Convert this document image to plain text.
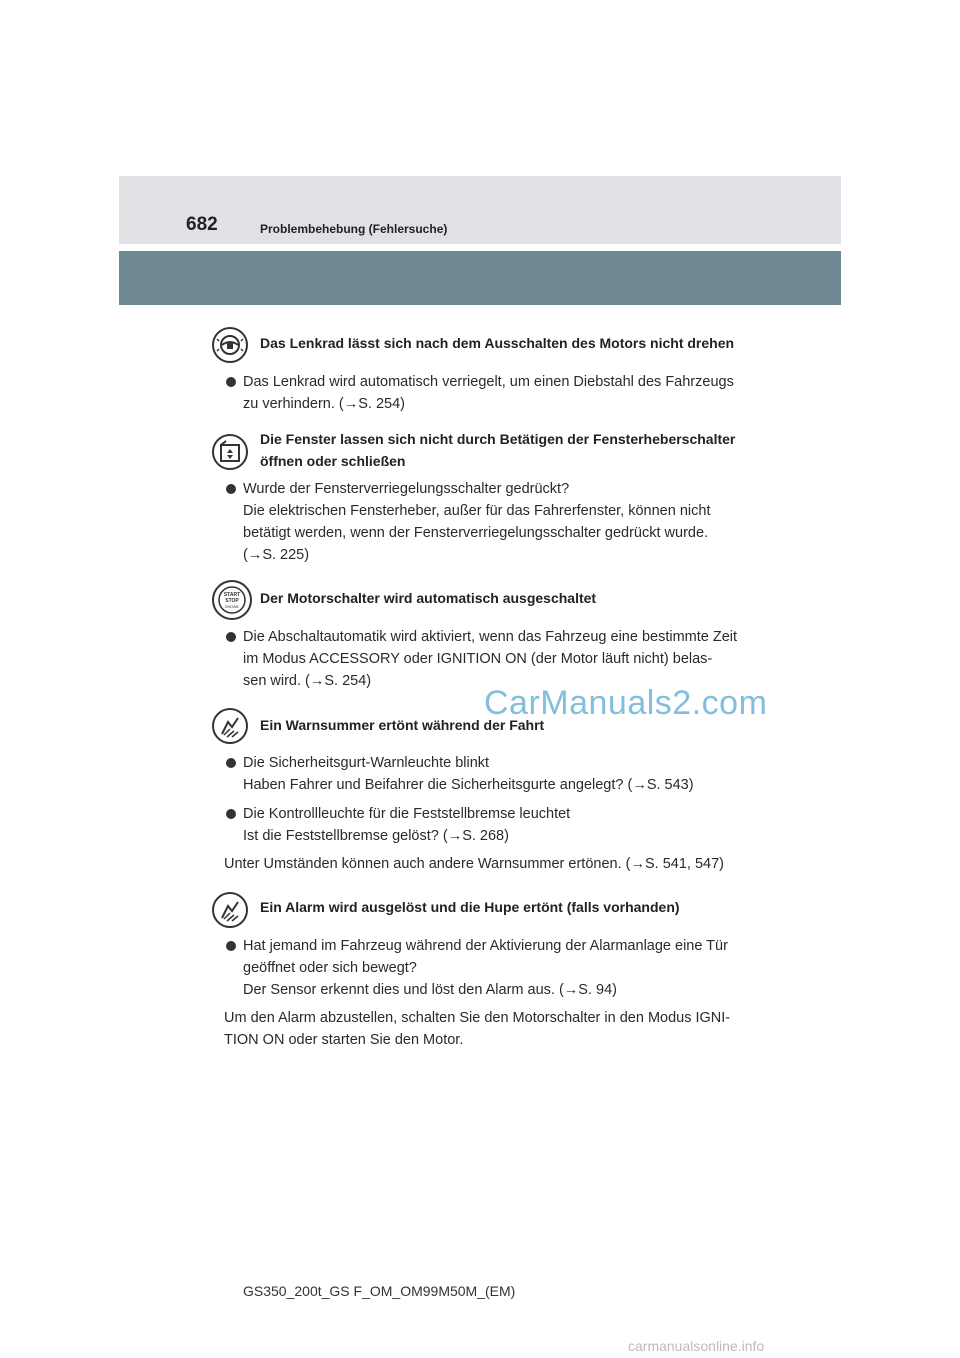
682	Problembehebung (Fehlersuche)
Das Lenkrad lässt sich nach dem Ausschalten des Motors nicht drehen
Das Lenkrad wird automatisch verriegelt, um einen Diebstahl des Fahrzeugs
zu verhindern. (→S. 254)
Die Fenster lassen sich nicht durch Betätigen der Fensterheberschalter
öffnen oder schließen
Wurde der Fensterverriegelungsschalter gedrückt?
Die elektrischen Fensterheber, außer für das Fahrerfenster, können nicht
betätigt werden, wenn der Fensterverriegelungsschalter gedrückt wurde.
(→S. 225)
START
STOP
ENGINE
Der Motorschalter wird automatisch ausgeschaltet
Die Abschaltautomatik wird aktiviert, wenn das Fahrzeug eine bestimmte Zeit
im Modus ACCESSORY oder IGNITION ON (der Motor läuft nicht) belas-
sen wird. (→S. 254)
Ein Warnsummer ertönt während der Fahrt
Die Sicherheitsgurt-Warnleuchte blinkt
Haben Fahrer und Beifahrer die Sicherheitsgurte angelegt? (→S. 543)
Die Kontrollleuchte für die Feststellbremse leuchtet
Ist die Feststellbremse gelöst? (→S. 268)
Unter Umständen können auch andere Warnsummer ertönen. (→S. 541, 547)
Ein Alarm wird ausgelöst und die Hupe ertönt (falls vorhanden)
Hat jemand im Fahrzeug während der Aktivierung der Alarmanlage eine Tür
geöffnet oder sich bewegt?
Der Sensor erkennt dies und löst den Alarm aus. (→S. 94)
Um den Alarm abzustellen, schalten Sie den Motorschalter in den Modus IGNI-
TION ON oder starten Sie den Motor.
CarManuals2.com
GS350_200t_GS F_OM_OM99M50M_(EM)
carmanualsonline.info
